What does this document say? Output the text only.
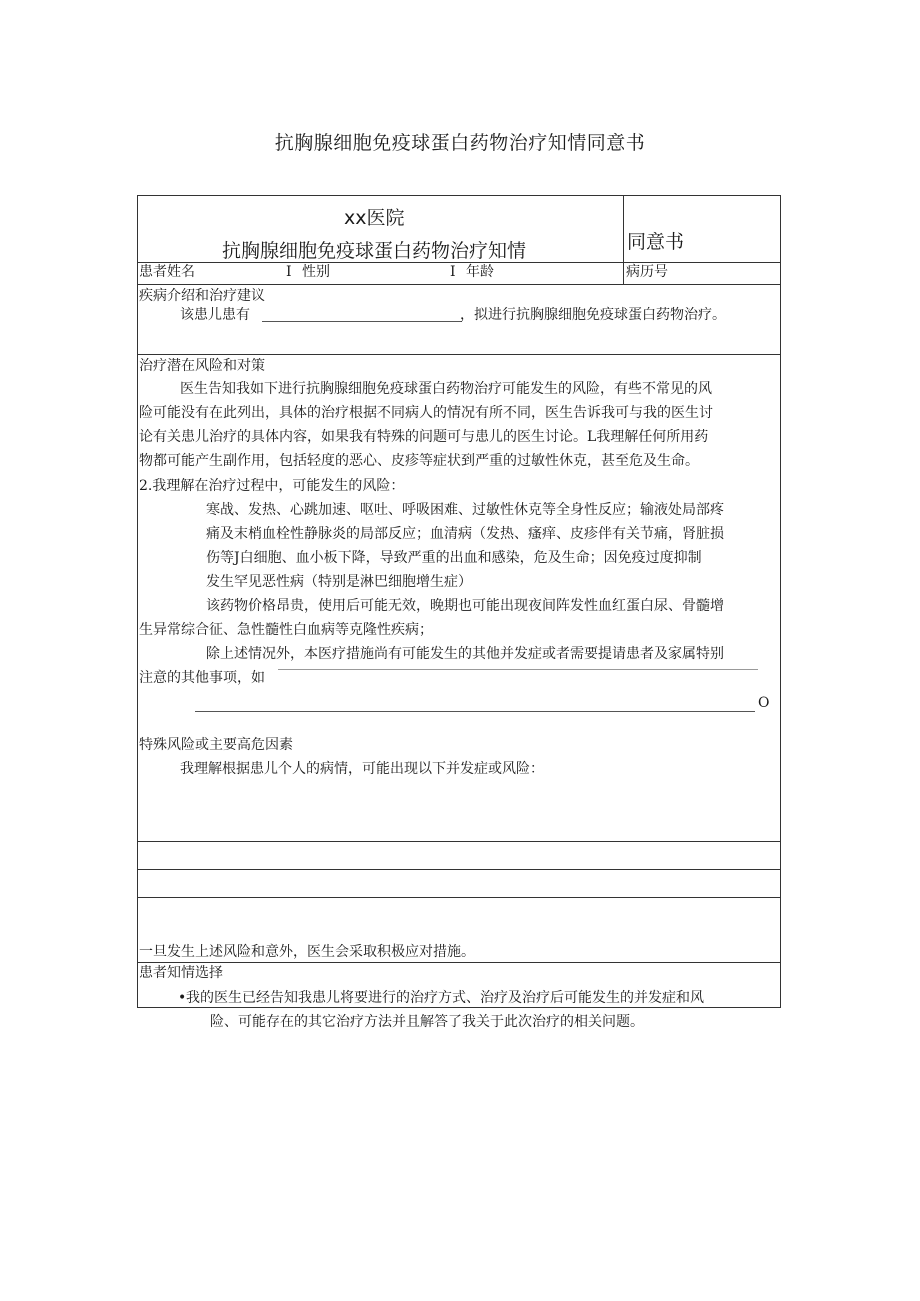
抗胸腺细胞免疫球蛋白药物治疗知情同意书
xx医院
抗胸腺细胞免疫球蛋白药物治疗知情	同意书
患者姓名	I 性别	I 年龄	病历号
疾病介绍和治疗建议
该患儿患有	，拟进行抗胸腺细胞免疫球蛋白药物治疗。
治疗潜在风险和对策
医生告知我如下进行抗胸腺细胞免疫球蛋白药物治疗可能发生的风险，有些不常见的风
险可能没有在此列出，具体的治疗根据不同病人的情况有所不同，医生告诉我可与我的医生讨
论有关患儿治疗的具体内容，如果我有特殊的问题可与患儿的医生讨论。L我理解任何所用药
物都可能产生副作用，包括轻度的恶心、皮疹等症状到严重的过敏性休克，甚至危及生命。
2.我理解在治疗过程中，可能发生的风险：
寒战、发热、心跳加速、呕吐、呼吸困难、过敏性休克等全身性反应；输液处局部疼
痛及末梢血栓性静脉炎的局部反应；血清病（发热、瘙痒、皮疹伴有关节痛，肾脏损
伤等J白细胞、血小板下降，导致严重的出血和感染，危及生命；因免疫过度抑制
发生罕见恶性病（特别是淋巴细胞增生症）
该药物价格昂贵，使用后可能无效，晚期也可能出现夜间阵发性血红蛋白尿、骨髓增
生异常综合征、急性髓性白血病等克隆性疾病；
除上述情况外，本医疗措施尚有可能发生的其他并发症或者需要提请患者及家属特别
注意的其他事项，如
O
特殊风险或主要高危因素
我理解根据患儿个人的病情，可能出现以下并发症或风险：
一旦发生上述风险和意外，医生会采取积极应对措施。
患者知情选择
• 我的医生已经告知我患儿将要进行的治疗方式、治疗及治疗后可能发生的并发症和风
险、可能存在的其它治疗方法并且解答了我关于此次治疗的相关问题。
